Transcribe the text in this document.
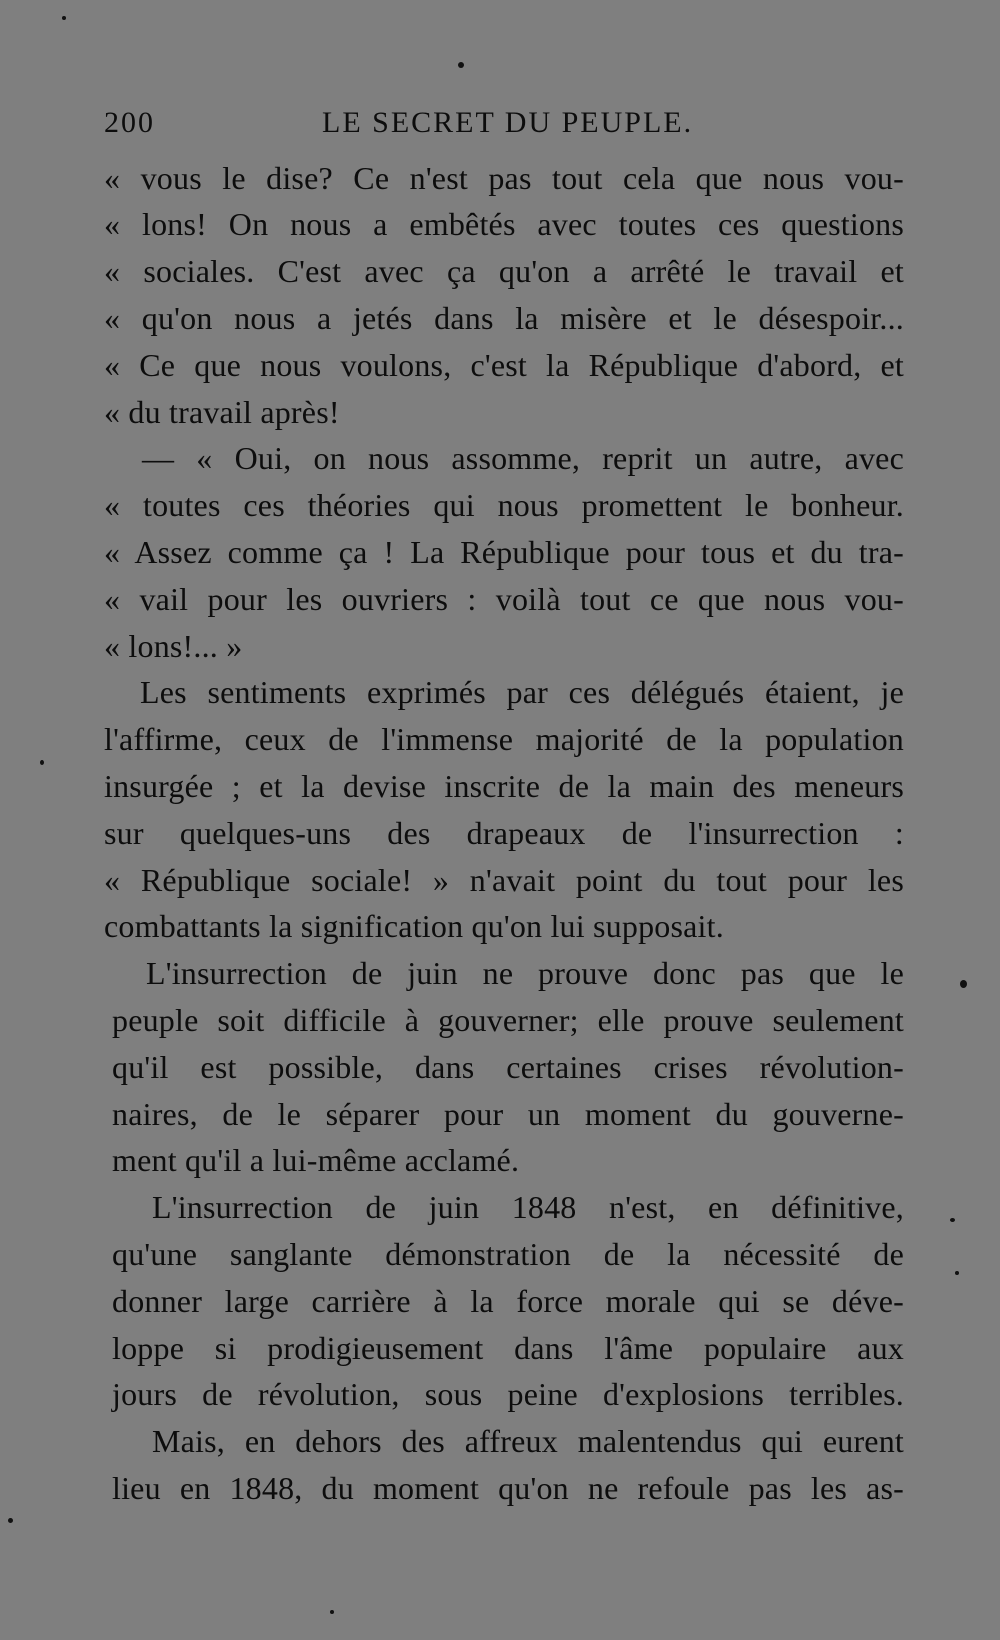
200	LE SECRET DU PEUPLE.
« vous le dise? Ce n'est pas tout cela que nous vou-
« lons! On nous a embêtés avec toutes ces questions
« sociales. C'est avec ça qu'on a arrêté le travail et
« qu'on nous a jetés dans la misère et le désespoir...
« Ce que nous voulons, c'est la République d'abord, et
« du travail après!
— « Oui, on nous assomme, reprit un autre, avec
« toutes ces théories qui nous promettent le bonheur.
« Assez comme ça ! La République pour tous et du tra-
« vail pour les ouvriers : voilà tout ce que nous vou-
« lons!... »
Les sentiments exprimés par ces délégués étaient, je
l'affirme, ceux de l'immense majorité de la population
insurgée ; et la devise inscrite de la main des meneurs
sur quelques-uns des drapeaux de l'insurrection :
« République sociale! » n'avait point du tout pour les
combattants la signification qu'on lui supposait.
L'insurrection de juin ne prouve donc pas que le
peuple soit difficile à gouverner; elle prouve seulement
qu'il est possible, dans certaines crises révolution-
naires, de le séparer pour un moment du gouverne-
ment qu'il a lui-même acclamé.
L'insurrection de juin 1848 n'est, en définitive,
qu'une sanglante démonstration de la nécessité de
donner large carrière à la force morale qui se déve-
loppe si prodigieusement dans l'âme populaire aux
jours de révolution, sous peine d'explosions terribles.
Mais, en dehors des affreux malentendus qui eurent
lieu en 1848, du moment qu'on ne refoule pas les as-
